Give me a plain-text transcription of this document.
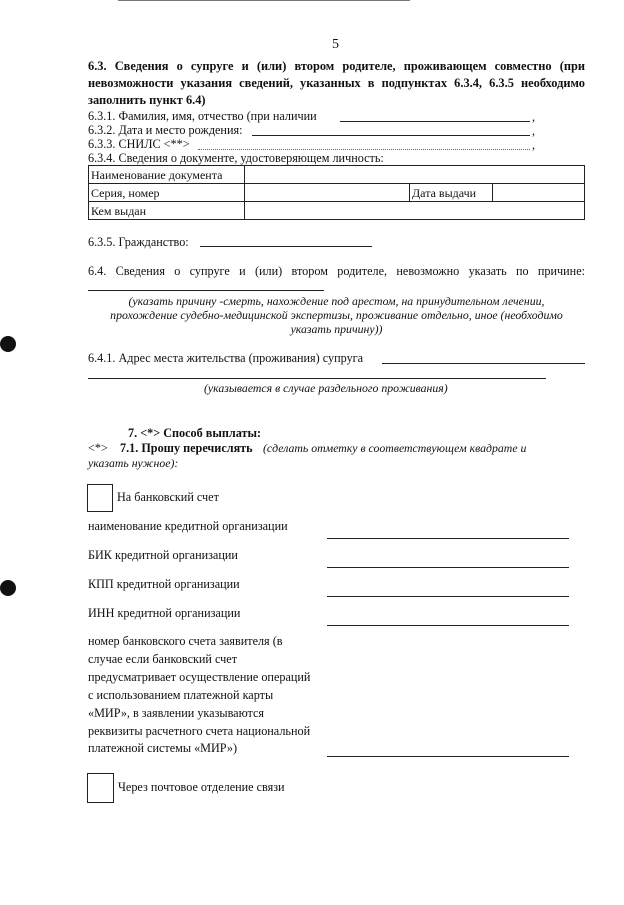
5
6.3. Сведения о супруге и (или) втором родителе, проживающем совместно (при
невозможности указания сведений, указанных в подпунктах 6.3.4, 6.3.5 необходимо
заполнить пункт 6.4)
6.3.1. Фамилия, имя, отчество (при наличии	,
6.3.2. Дата и место рождения:	,
6.3.3. СНИЛС <**>	,
6.3.4. Сведения о документе, удостоверяющем личность:
Наименование документа			
Серия, номер		Дата выдачи	
Кем выдан			
6.3.5. Гражданство:
6.4. Сведения о супруге и (или) втором родителе, невозможно указать по причине:
(указать причину -смерть, нахождение под арестом, на принудительном лечении,
прохождение судебно-медицинской экспертизы, проживание отдельно, иное (необходимо
указать причину))
6.4.1. Адрес места жительства (проживания) супруга
(указывается в случае раздельного проживания)
7. <*> Способ выплаты:
<*> 7.1. Прошу перечислять (сделать отметку в соответствующем квадрате и
указать нужное):
На банковский счет
наименование кредитной организации
БИК кредитной организации
КПП кредитной организации
ИНН кредитной организации
номер банковского счета заявителя (в
случае если банковский счет
предусматривает осуществление операций
с использованием платежной карты
«МИР», в заявлении указываются
реквизиты расчетного счета национальной
платежной системы «МИР»)
Через почтовое отделение связи
